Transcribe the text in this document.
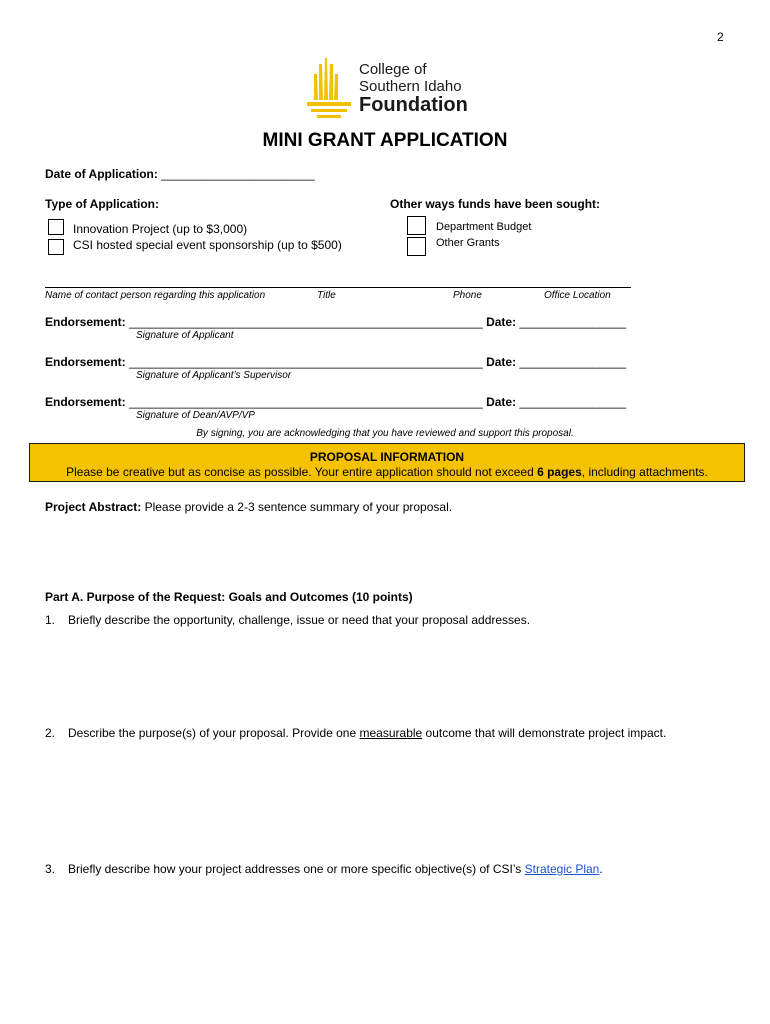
2
College of
Southern Idaho
Foundation
MINI GRANT APPLICATION
Date of Application: _______________________
Type of Application:
Innovation Project (up to $3,000)
CSI hosted special event sponsorship (up to $500)
Other ways funds have been sought:
Department Budget
Other Grants
Name of contact person regarding this application	Title	Phone	Office Location
Endorsement: _____________________________________________________ Date: ________________
Signature of Applicant
Endorsement: _____________________________________________________ Date: ________________
Signature of Applicant’s Supervisor
Endorsement: _____________________________________________________ Date: ________________
Signature of Dean/AVP/VP
By signing, you are acknowledging that you have reviewed and support this proposal.
PROPOSAL INFORMATION
Please be creative but as concise as possible. Your entire application should not exceed 6 pages, including attachments.
Project Abstract: Please provide a 2-3 sentence summary of your proposal.
Part A. Purpose of the Request: Goals and Outcomes (10 points)
1. Briefly describe the opportunity, challenge, issue or need that your proposal addresses.
2. Describe the purpose(s) of your proposal. Provide one measurable outcome that will demonstrate project impact.
3. Briefly describe how your project addresses one or more specific objective(s) of CSI’s Strategic Plan.
